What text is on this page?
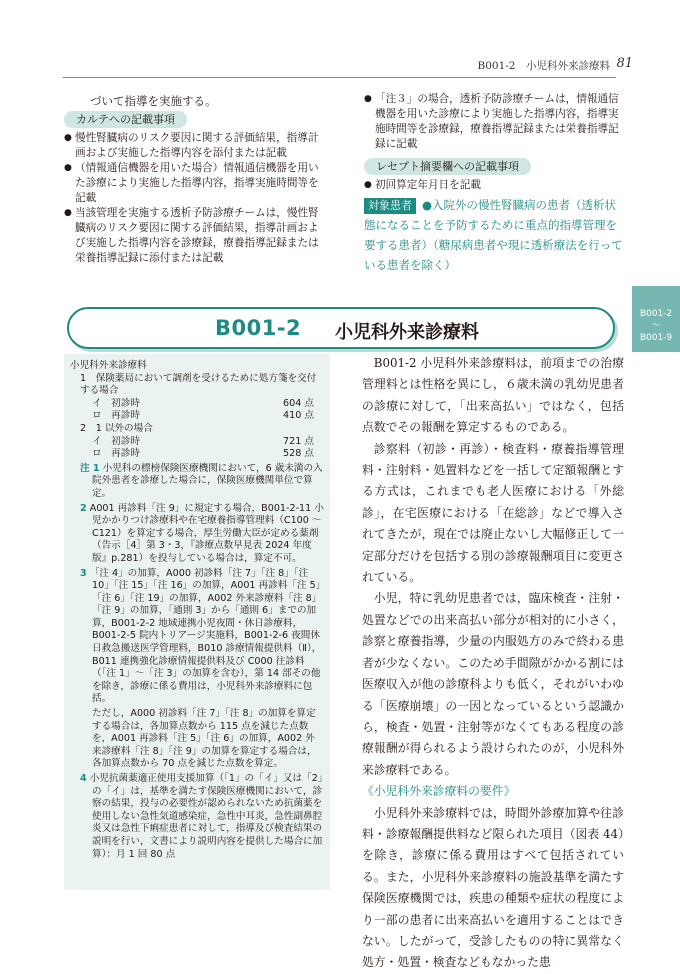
B001-2　小児科外来診療料 81
B001-2
〜
B001-9
づいて指導を実施する。
カルテへの記載事項
● 慢性腎臓病のリスク要因に関する評価結果，指導計画および実施した指導内容を添付または記載
● （情報通信機器を用いた場合）情報通信機器を用いた診療により実施した指導内容，指導実施時間等を記載
● 当該管理を実施する透析予防診療チームは，慢性腎臓病のリスク要因に関する評価結果，指導計画および実施した指導内容を診療録，療養指導記録または栄養指導記録に添付または記載
● 「注３」の場合，透析予防診療チームは，情報通信機器を用いた診療により実施した指導内容，指導実施時間等を診療録，療養指導記録または栄養指導記録に記載
レセプト摘要欄への記載事項
● 初回算定年月日を記載
対象患者 ●入院外の慢性腎臓病の患者（透析状態になることを予防するために重点的指導管理を要する患者）（糖尿病患者や現に透析療法を行っている患者を除く）
B001-2 小児科外来診療料
小児科外来診療料
1　保険薬局において調剤を受けるために処方箋を交付する場合
イ　初診時	604 点
ロ　再診時	410 点
2　1 以外の場合
イ　初診時	721 点
ロ　再診時	528 点
注 1 小児科の標榜保険医療機関において，6 歳未満の入院外患者を診療した場合に，保険医療機関単位で算定。
2 A001 再診料「注 9」に規定する場合，B001-2-11 小児かかりつけ診療料や在宅療養指導管理料（C100 〜 C121）を算定する場合，厚生労働大臣が定める薬剤（告示［4］第 3・3，『診療点数早見表 2024 年度版』p.281）を投与している場合は，算定不可。
3 「注 4」の加算，A000 初診料「注 7」「注 8」「注 10」「注 15」「注 16」の加算，A001 再診料「注 5」「注 6」「注 19」の加算，A002 外来診療料「注 8」「注 9」の加算，「通則 3」から「通則 6」までの加算，B001-2-2 地域連携小児夜間・休日診療料，B001-2-5 院内トリアージ実施料，B001-2-6 夜間休日救急搬送医学管理料，B010 診療情報提供料（Ⅱ），B011 連携強化診療情報提供料及び C000 往診料（「注 1」〜「注 3」の加算を含む），第 14 部その他を除き，診療に係る費用は，小児科外来診療料に包括。
ただし，A000 初診料「注 7」「注 8」の加算を算定する場合は，各加算点数から 115 点を減じた点数を，A001 再診料「注 5」「注 6」の加算，A002 外来診療料「注 8」「注 9」の加算を算定する場合は，各加算点数から 70 点を減じた点数を算定。
4 小児抗菌薬適正使用支援加算（「1」の「イ」又は「2」の「イ」は，基準を満たす保険医療機関において，診察の結果，投与の必要性が認められないため抗菌薬を使用しない急性気道感染症，急性中耳炎，急性副鼻腔炎又は急性下痢症患者に対して，指導及び検査結果の説明を行い，文書により説明内容を提供した場合に加算）：月 1 回 80 点

B001-2 小児科外来診療料は，前項までの治療管理料とは性格を異にし，６歳未満の乳幼児患者の診療に対して，「出来高払い」ではなく，包括点数でその報酬を算定するものである。

診察料（初診・再診）・検査料・療養指導管理料・注射料・処置料などを一括して定額報酬とする方式は，これまでも老人医療における「外総診」，在宅医療における「在総診」などで導入されてきたが，現在では廃止ないし大幅修正して一定部分だけを包括する別の診療報酬項目に変更されている。

小児，特に乳幼児患者では，臨床検査・注射・処置などでの出来高払い部分が相対的に小さく，診察と療養指導，少量の内服処方のみで終わる患者が少なくない。このため手間隙がかかる割には医療収入が他の診療科よりも低く，それがいわゆる「医療崩壊」の一因となっているという認識から，検査・処置・注射等がなくてもある程度の診療報酬が得られるよう設けられたのが，小児科外来診療料である。

《小児科外来診療料の要件》

小児科外来診療料では，時間外診療加算や往診料・診療報酬提供料など限られた項目（図表 44）を除き，診療に係る費用はすべて包括されている。また，小児科外来診療料の施設基準を満たす保険医療機関では，疾患の種類や症状の程度により一部の患者に出来高払いを適用することはできない。したがって，受診したものの特に異常なく処方・処置・検査などもなかった患
